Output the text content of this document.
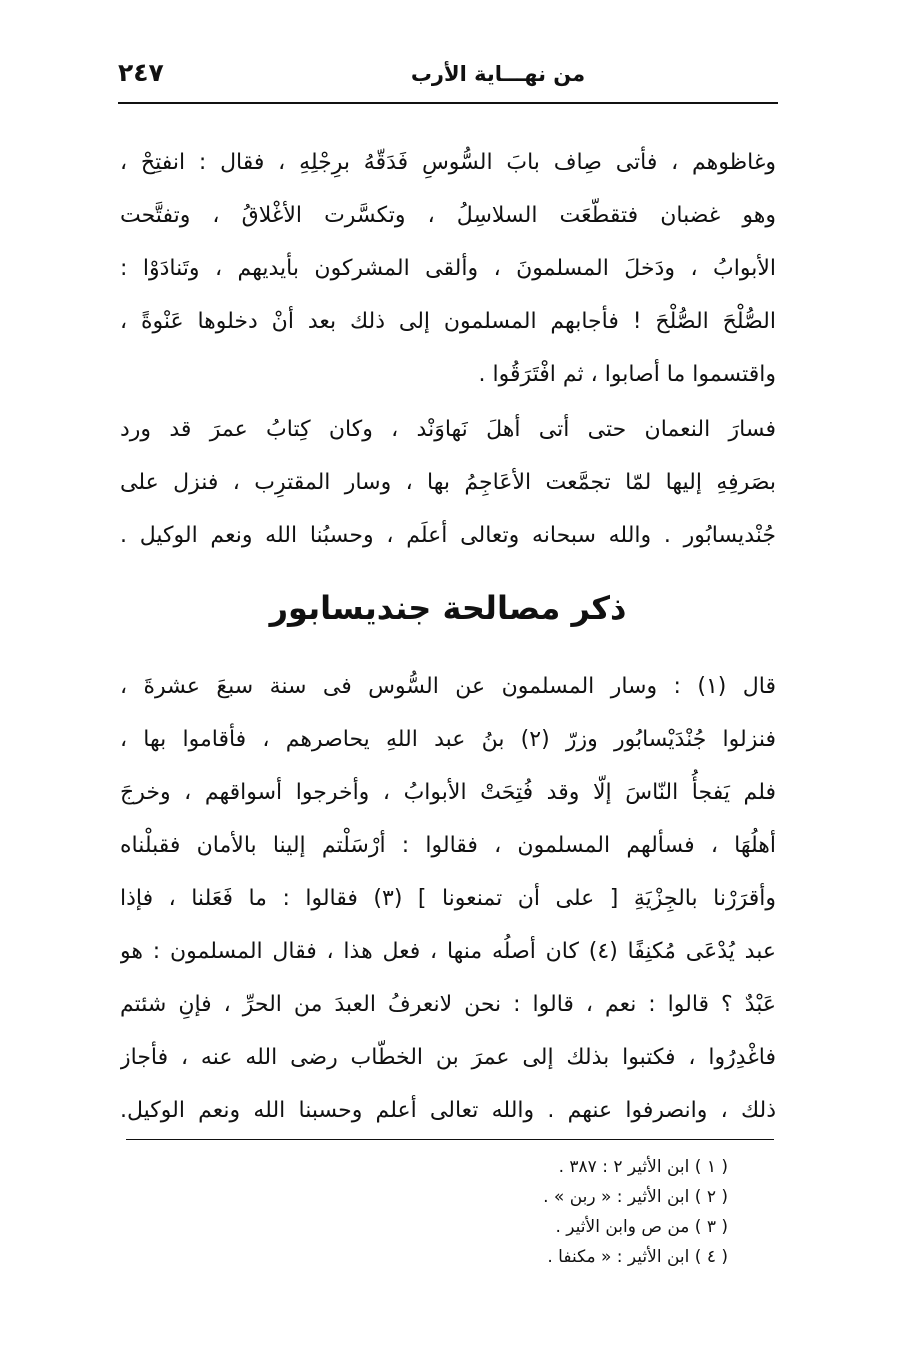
٢٤٧	من نهـــاية الأرب
وغاظوهم ، فأتى صِاف بابَ السُّوسِ فَدَقّهُ برِجْلِهِ ، فقال : انفتِحْ ،
وهو غضبان فتقطّعَت السلاسِلُ ، وتكسَّرت الأغْلاقُ ، وتفتَّحت
الأبوابُ ، ودَخلَ المسلمونَ ، وألقى المشركون بأيديهم ، وتَنادَوْا :
الصُّلْحَ الصُّلْحَ ! فأجابهم المسلمون إلى ذلك بعد أنْ دخلوها عَنْوةً ،
واقتسموا ما أصابوا ، ثم افْتَرَقُوا .
فسارَ النعمان حتى أتى أهلَ نَهاوَنْد ، وكان كِتابُ عمرَ قد ورد
بصَرفِهِ إليها لمّا تجمَّعت الأعَاجِمُ بها ، وسار المقترِب ، فنزل على
جُنْديسابُور . والله سبحانه وتعالى أعلَم ، وحسبُنا الله ونعم الوكيل .
ذكر مصالحة جنديسابور
قال (١) : وسار المسلمون عن السُّوس فى سنة سبعَ عشرةَ ،
فنزلوا جُنْدَيْسابُور وزرّ (٢) بنُ عبد اللهِ يحاصرهم ، فأقاموا بها ،
فلم يَفجأُ النّاسَ إلّا وقد فُتِحَتْ الأبوابُ ، وأخرجوا أسواقهم ، وخرجَ
أهلُهَا ، فسألهم المسلمون ، فقالوا : أرْسَلْتم إلينا بالأمان فقبلْناه
وأقرَرْنا بالجِزْيَةِ [ على أن تمنعونا ] (٣) فقالوا : ما فَعَلنا ، فإذا
عبد يُدْعَى مُكنِفًا (٤) كان أصلُه منها ، فعل هذا ، فقال المسلمون : هو
عَبْدٌ ؟ قالوا : نعم ، قالوا : نحن لانعرفُ العبدَ من الحرِّ ، فإنِ شئتم
فاغْدِرُوا ، فكتبوا بذلك إلى عمرَ بن الخطّاب رضى الله عنه ، فأجاز
ذلك ، وانصرفوا عنهم . والله تعالى أعلم وحسبنا الله ونعم الوكيل.
( ١ ) ابن الأثير ٢ : ٣٨٧ .
( ٢ ) ابن الأثير : « ربن » .
( ٣ ) من ص وابن الأثير .
( ٤ ) ابن الأثير : « مكنفا .
